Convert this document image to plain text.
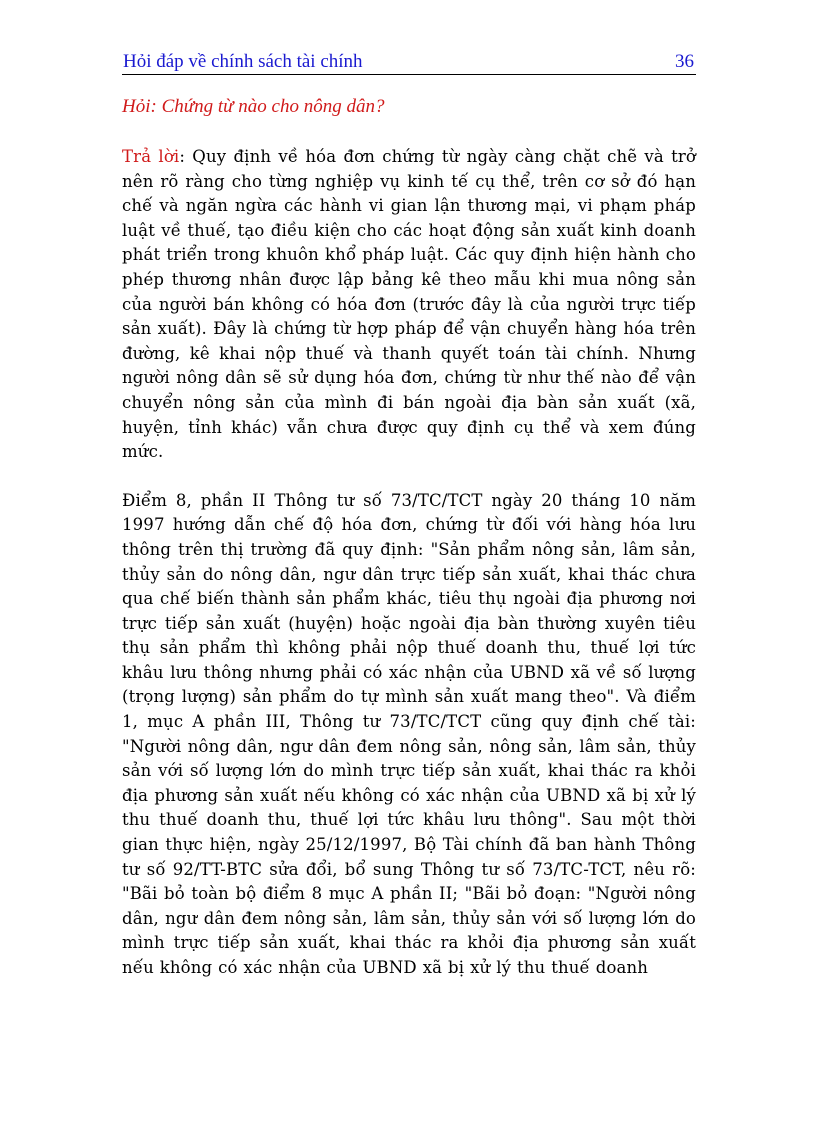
Hỏi đáp về chính sách tài chính	36
Hỏi: Chứng từ nào cho nông dân?

Trả lời: Quy định về hóa đơn chứng từ ngày càng chặt chẽ và trở nên rõ ràng cho từng nghiệp vụ kinh tế cụ thể, trên cơ sở đó hạn chế và ngăn ngừa các hành vi gian lận thương mại, vi phạm pháp luật về thuế, tạo điều kiện cho các hoạt động sản xuất kinh doanh phát triển trong khuôn khổ pháp luật. Các quy định hiện hành cho phép thương nhân được lập bảng kê theo mẫu khi mua nông sản của người bán không có hóa đơn (trước đây là của người trực tiếp sản xuất). Đây là chứng từ hợp pháp để vận chuyển hàng hóa trên đường, kê khai nộp thuế và thanh quyết toán tài chính. Nhưng người nông dân sẽ sử dụng hóa đơn, chứng từ như thế nào để vận chuyển nông sản của mình đi bán ngoài địa bàn sản xuất (xã, huyện, tỉnh khác) vẫn chưa được quy định cụ thể và xem đúng mức.

Điểm 8, phần II Thông tư số 73/TC/TCT ngày 20 tháng 10 năm 1997 hướng dẫn chế độ hóa đơn, chứng từ đối với hàng hóa lưu thông trên thị trường đã quy định: "Sản phẩm nông sản, lâm sản, thủy sản do nông dân, ngư dân trực tiếp sản xuất, khai thác chưa qua chế biến thành sản phẩm khác, tiêu thụ ngoài địa phương nơi trực tiếp sản xuất (huyện) hoặc ngoài địa bàn thường xuyên tiêu thụ sản phẩm thì không phải nộp thuế doanh thu, thuế lợi tức khâu lưu thông nhưng phải có xác nhận của UBND xã về số lượng (trọng lượng) sản phẩm do tự mình sản xuất mang theo". Và điểm 1, mục A phần III, Thông tư 73/TC/TCT cũng quy định chế tài: "Người nông dân, ngư dân đem nông sản, nông sản, lâm sản, thủy sản với số lượng lớn do mình trực tiếp sản xuất, khai thác ra khỏi địa phương sản xuất nếu không có xác nhận của UBND xã bị xử lý thu thuế doanh thu, thuế lợi tức khâu lưu thông". Sau một thời gian thực hiện, ngày 25/12/1997, Bộ Tài chính đã ban hành Thông tư số 92/TT-BTC sửa đổi, bổ sung Thông tư số 73/TC-TCT, nêu rõ: "Bãi bỏ toàn bộ điểm 8 mục A phần II; "Bãi bỏ đoạn: "Người nông dân, ngư dân đem nông sản, lâm sản, thủy sản với số lượng lớn do mình trực tiếp sản xuất, khai thác ra khỏi địa phương sản xuất nếu không có xác nhận của UBND xã bị xử lý thu thuế doanh
